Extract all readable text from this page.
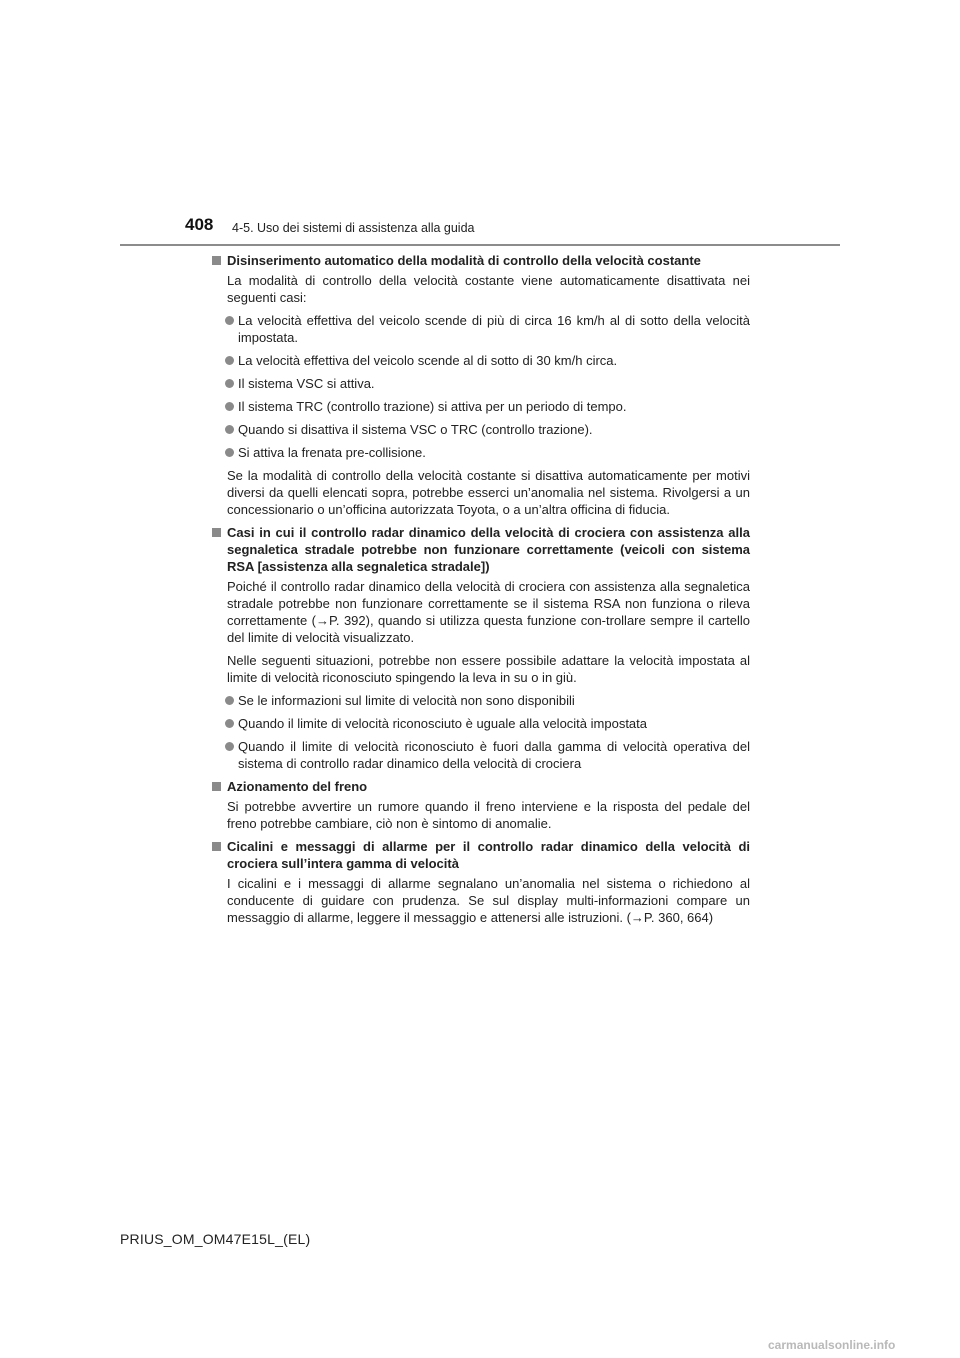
408 4-5. Uso dei sistemi di assistenza alla guida
Disinserimento automatico della modalità di controllo della velocità costante
La modalità di controllo della velocità costante viene automaticamente disattivata nei seguenti casi:
La velocità effettiva del veicolo scende di più di circa 16 km/h al di sotto della velocità impostata.
La velocità effettiva del veicolo scende al di sotto di 30 km/h circa.
Il sistema VSC si attiva.
Il sistema TRC (controllo trazione) si attiva per un periodo di tempo.
Quando si disattiva il sistema VSC o TRC (controllo trazione).
Si attiva la frenata pre-collisione.
Se la modalità di controllo della velocità costante si disattiva automaticamente per motivi diversi da quelli elencati sopra, potrebbe esserci un’anomalia nel sistema. Rivolgersi a un concessionario o un’officina autorizzata Toyota, o a un’altra officina di fiducia.
Casi in cui il controllo radar dinamico della velocità di crociera con assistenza alla segnaletica stradale potrebbe non funzionare correttamente (veicoli con sistema RSA [assistenza alla segnaletica stradale])
Poiché il controllo radar dinamico della velocità di crociera con assistenza alla segnaletica stradale potrebbe non funzionare correttamente se il sistema RSA non funziona o rileva correttamente (→P. 392), quando si utilizza questa funzione con-trollare sempre il cartello del limite di velocità visualizzato.
Nelle seguenti situazioni, potrebbe non essere possibile adattare la velocità impostata al limite di velocità riconosciuto spingendo la leva in su o in giù.
Se le informazioni sul limite di velocità non sono disponibili
Quando il limite di velocità riconosciuto è uguale alla velocità impostata
Quando il limite di velocità riconosciuto è fuori dalla gamma di velocità operativa del sistema di controllo radar dinamico della velocità di crociera
Azionamento del freno
Si potrebbe avvertire un rumore quando il freno interviene e la risposta del pedale del freno potrebbe cambiare, ciò non è sintomo di anomalie.
Cicalini e messaggi di allarme per il controllo radar dinamico della velocità di crociera sull’intera gamma di velocità
I cicalini e i messaggi di allarme segnalano un’anomalia nel sistema o richiedono al conducente di guidare con prudenza. Se sul display multi-informazioni compare un messaggio di allarme, leggere il messaggio e attenersi alle istruzioni. (→P. 360, 664)
PRIUS_OM_OM47E15L_(EL)
carmanualsonline.info
